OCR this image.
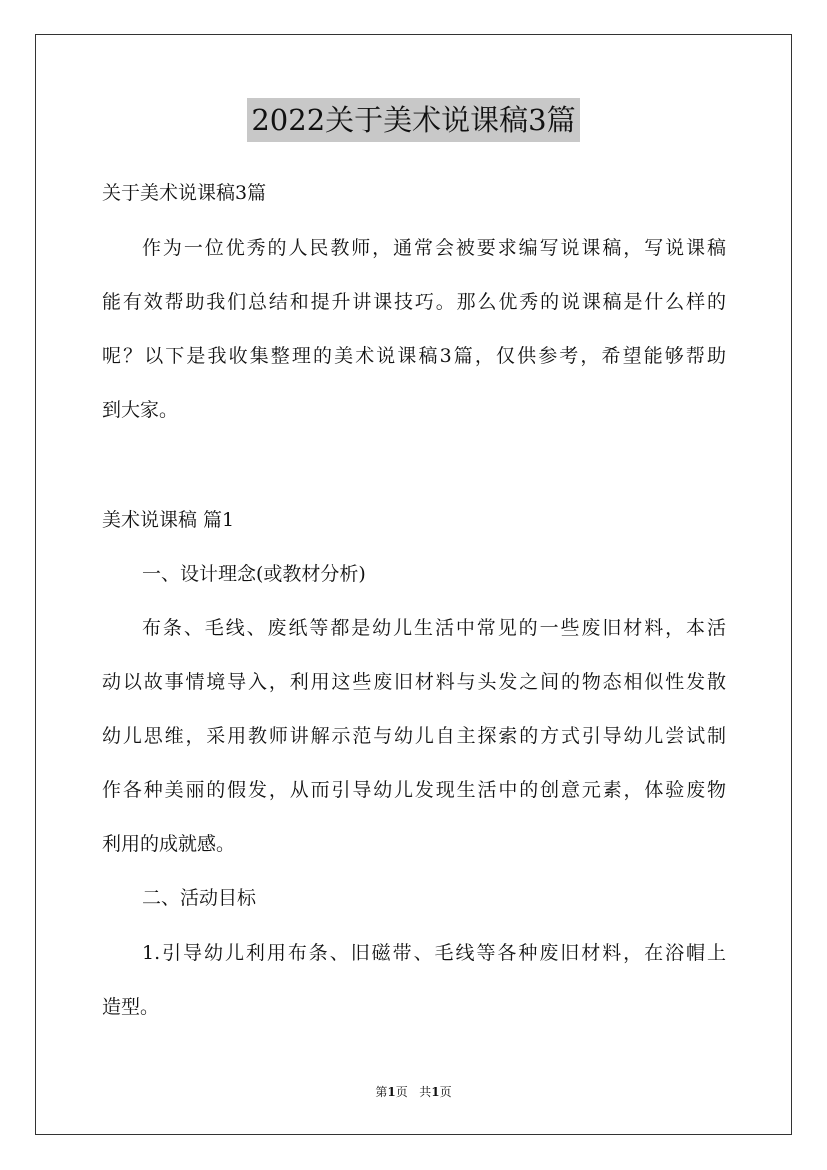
2022关于美术说课稿3篇
关于美术说课稿3篇
作为一位优秀的人民教师，通常会被要求编写说课稿，写说课稿
能有效帮助我们总结和提升讲课技巧。那么优秀的说课稿是什么样的
呢？以下是我收集整理的美术说课稿3篇，仅供参考，希望能够帮助
到大家。
美术说课稿 篇1
一、设计理念(或教材分析)
布条、毛线、废纸等都是幼儿生活中常见的一些废旧材料，本活
动以故事情境导入，利用这些废旧材料与头发之间的物态相似性发散
幼儿思维，采用教师讲解示范与幼儿自主探索的方式引导幼儿尝试制
作各种美丽的假发，从而引导幼儿发现生活中的创意元素，体验废物
利用的成就感。
二、活动目标
1.引导幼儿利用布条、旧磁带、毛线等各种废旧材料，在浴帽上
造型。
第1页   共1页
